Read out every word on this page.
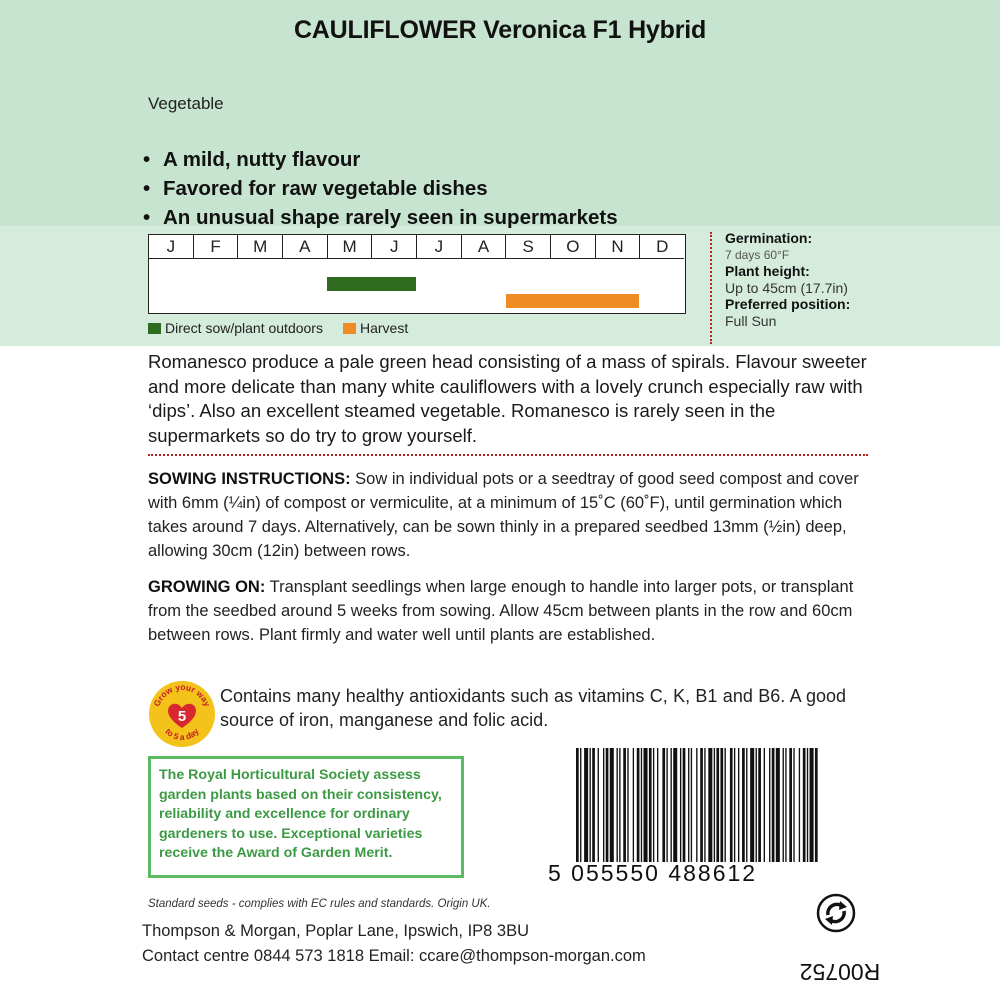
CAULIFLOWER Veronica F1 Hybrid
Vegetable
• A mild, nutty flavour
• Favored for raw vegetable dishes
• An unusual shape rarely seen in supermarkets
J	F	M	A	M	J	J	A	S	O	N	D
Direct sow/plant outdoors	Harvest
Germination:
7 days 60°F
Plant height:
Up to 45cm (17.7in)
Preferred position:
Full Sun
Romanesco produce a pale green head consisting of a mass of spirals. Flavour sweeter and more delicate than many white cauliflowers with a lovely crunch especially raw with ‘dips’. Also an excellent steamed vegetable. Romanesco is rarely seen in the supermarkets so do try to grow yourself.
SOWING INSTRUCTIONS: Sow in individual pots or a seedtray of good seed compost and cover with 6mm (¼in) of compost or vermiculite, at a minimum of 15˚C (60˚F), until germination which takes around 7 days. Alternatively, can be sown thinly in a prepared seedbed 13mm (½in) deep, allowing 30cm (12in) between rows.
GROWING ON: Transplant seedlings when large enough to handle into larger pots, or transplant from the seedbed around 5 weeks from sowing. Allow 45cm between plants in the row and 60cm between rows. Plant firmly and water well until plants are established.
Grow your way
to 5 a day
5
Contains many healthy antioxidants such as vitamins C, K, B1 and B6. A good source of iron, manganese and folic acid.
The Royal Horticultural Society assess garden plants based on their consistency, reliability and excellence for ordinary gardeners to use. Exceptional varieties receive the Award of Garden Merit.
5 055550 488612
Standard seeds - complies with EC rules and standards. Origin UK.
Thompson & Morgan, Poplar Lane, Ipswich, IP8 3BU
Contact centre 0844 573 1818 Email: ccare@thompson-morgan.com
R00752
